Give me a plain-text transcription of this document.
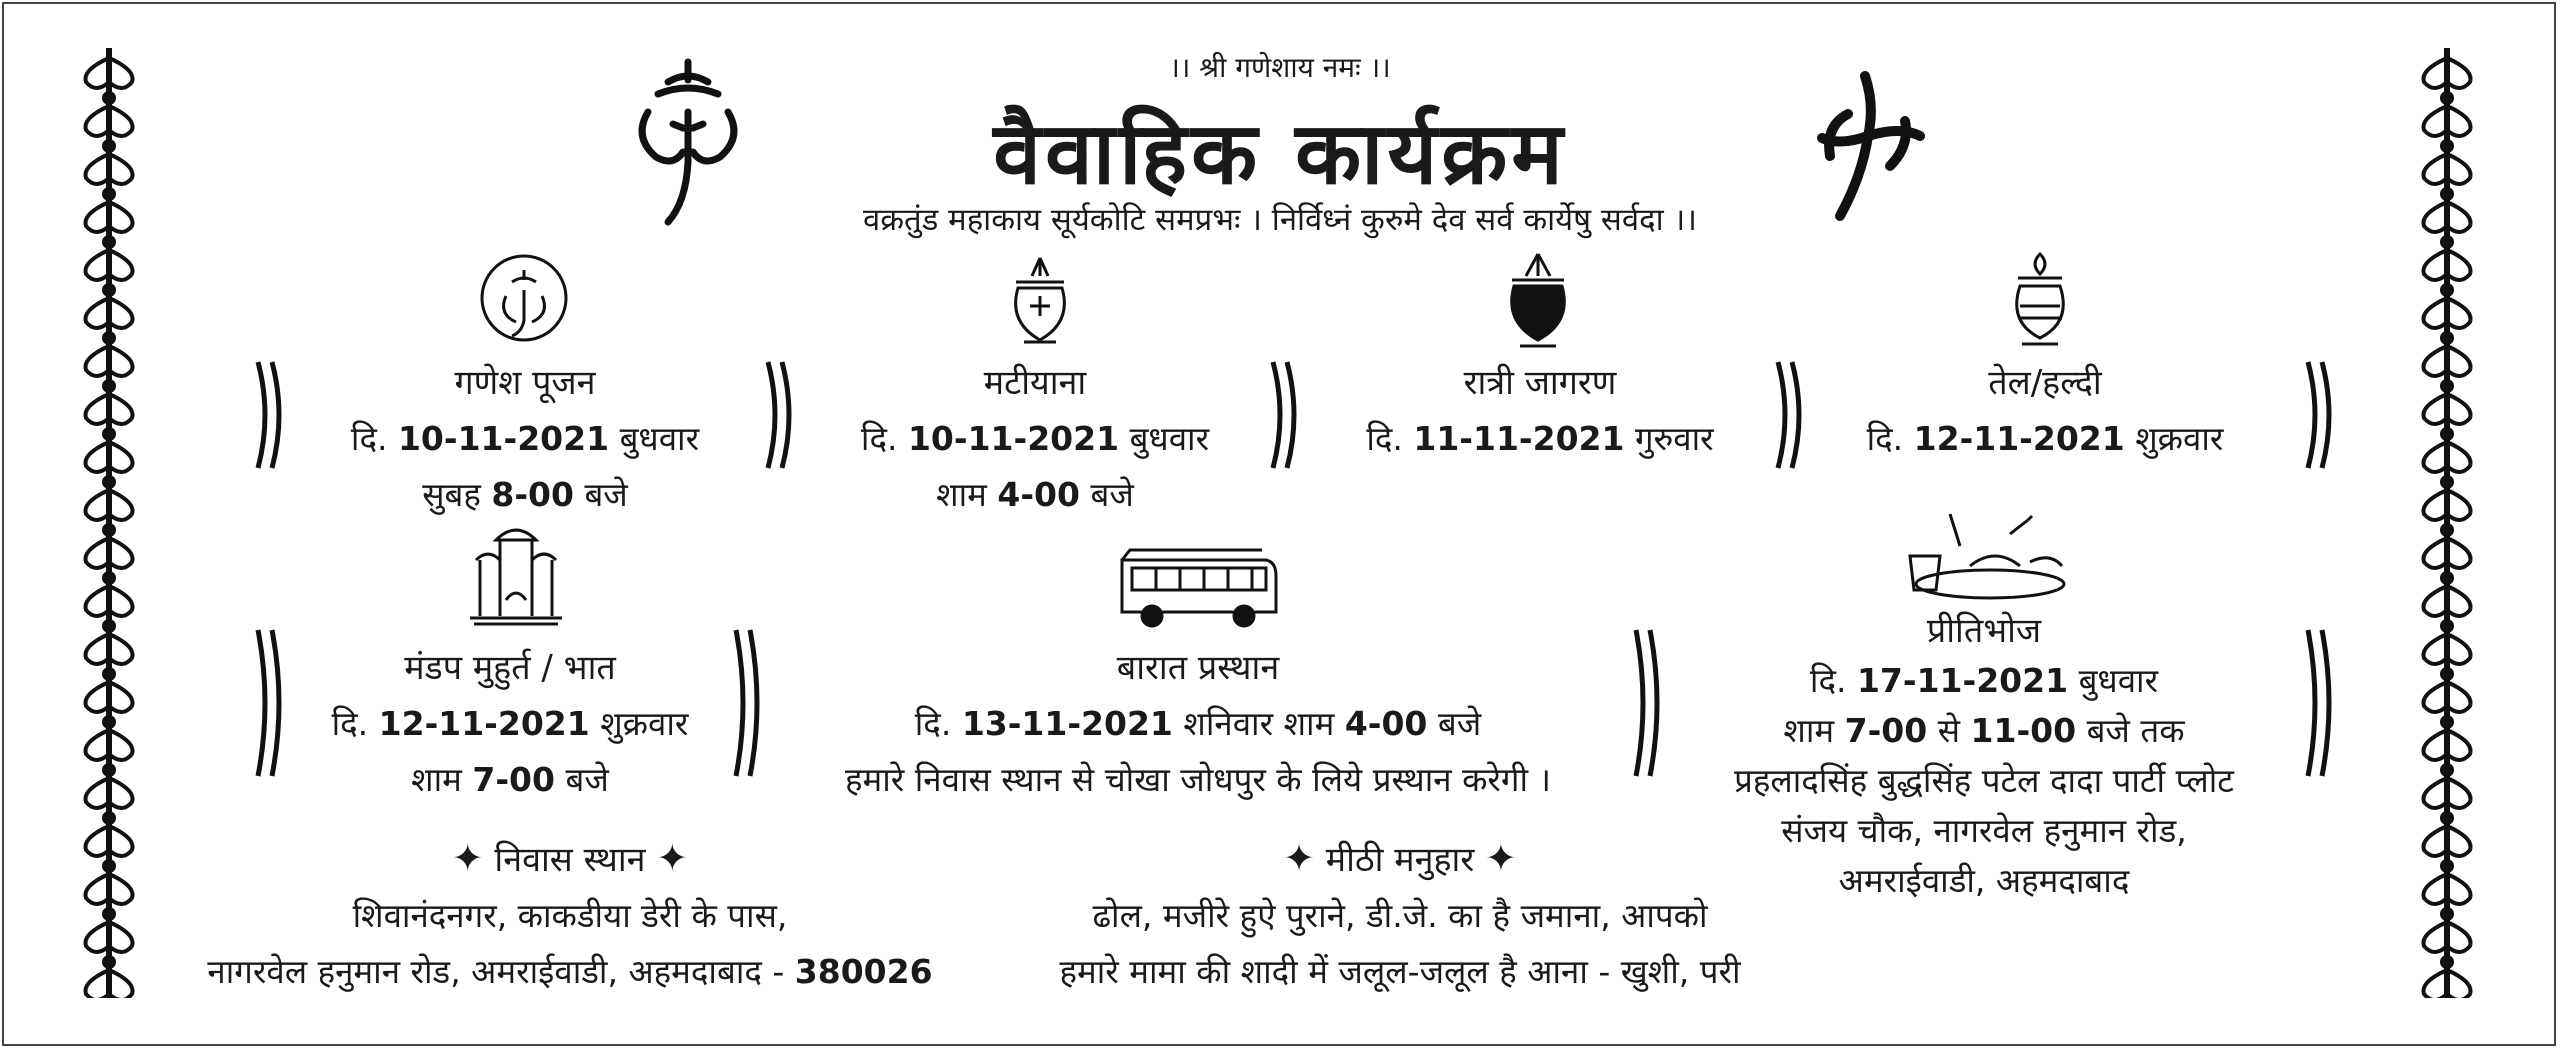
।। श्री गणेशाय नमः ।।
वैवाहिक कार्यक्रम
वक्रतुंड महाकाय सूर्यकोटि समप्रभः । निर्विध्नं कुरुमे देव सर्व कार्येषु सर्वदा ।।
गणेश पूजन
दि. 10-11-2021 बुधवार
सुबह 8-00 बजे
मटीयाना
दि. 10-11-2021 बुधवार
शाम 4-00 बजे
रात्री जागरण
दि. 11-11-2021 गुरुवार
तेल/हल्दी
दि. 12-11-2021 शुक्रवार
मंडप मुहुर्त / भात
दि. 12-11-2021 शुक्रवार
शाम 7-00 बजे
बारात प्रस्थान
दि. 13-11-2021 शनिवार शाम 4-00 बजे
हमारे निवास स्थान से चोखा जोधपुर के लिये प्रस्थान करेगी ।
प्रीतिभोज
दि. 17-11-2021 बुधवार
शाम 7-00 से 11-00 बजे तक
प्रहलादसिंह बुद्धसिंह पटेल दादा पार्टी प्लोट
संजय चौक, नागरवेल हनुमान रोड,
अमराईवाडी, अहमदाबाद
✦ निवास स्थान ✦
शिवानंदनगर, काकडीया डेरी के पास,
नागरवेल हनुमान रोड, अमराईवाडी, अहमदाबाद - 380026
✦ मीठी मनुहार ✦
ढोल, मजीरे हुऐ पुराने, डी.जे. का है जमाना, आपको
हमारे मामा की शादी में जलूल-जलूल है आना - खुशी, परी
